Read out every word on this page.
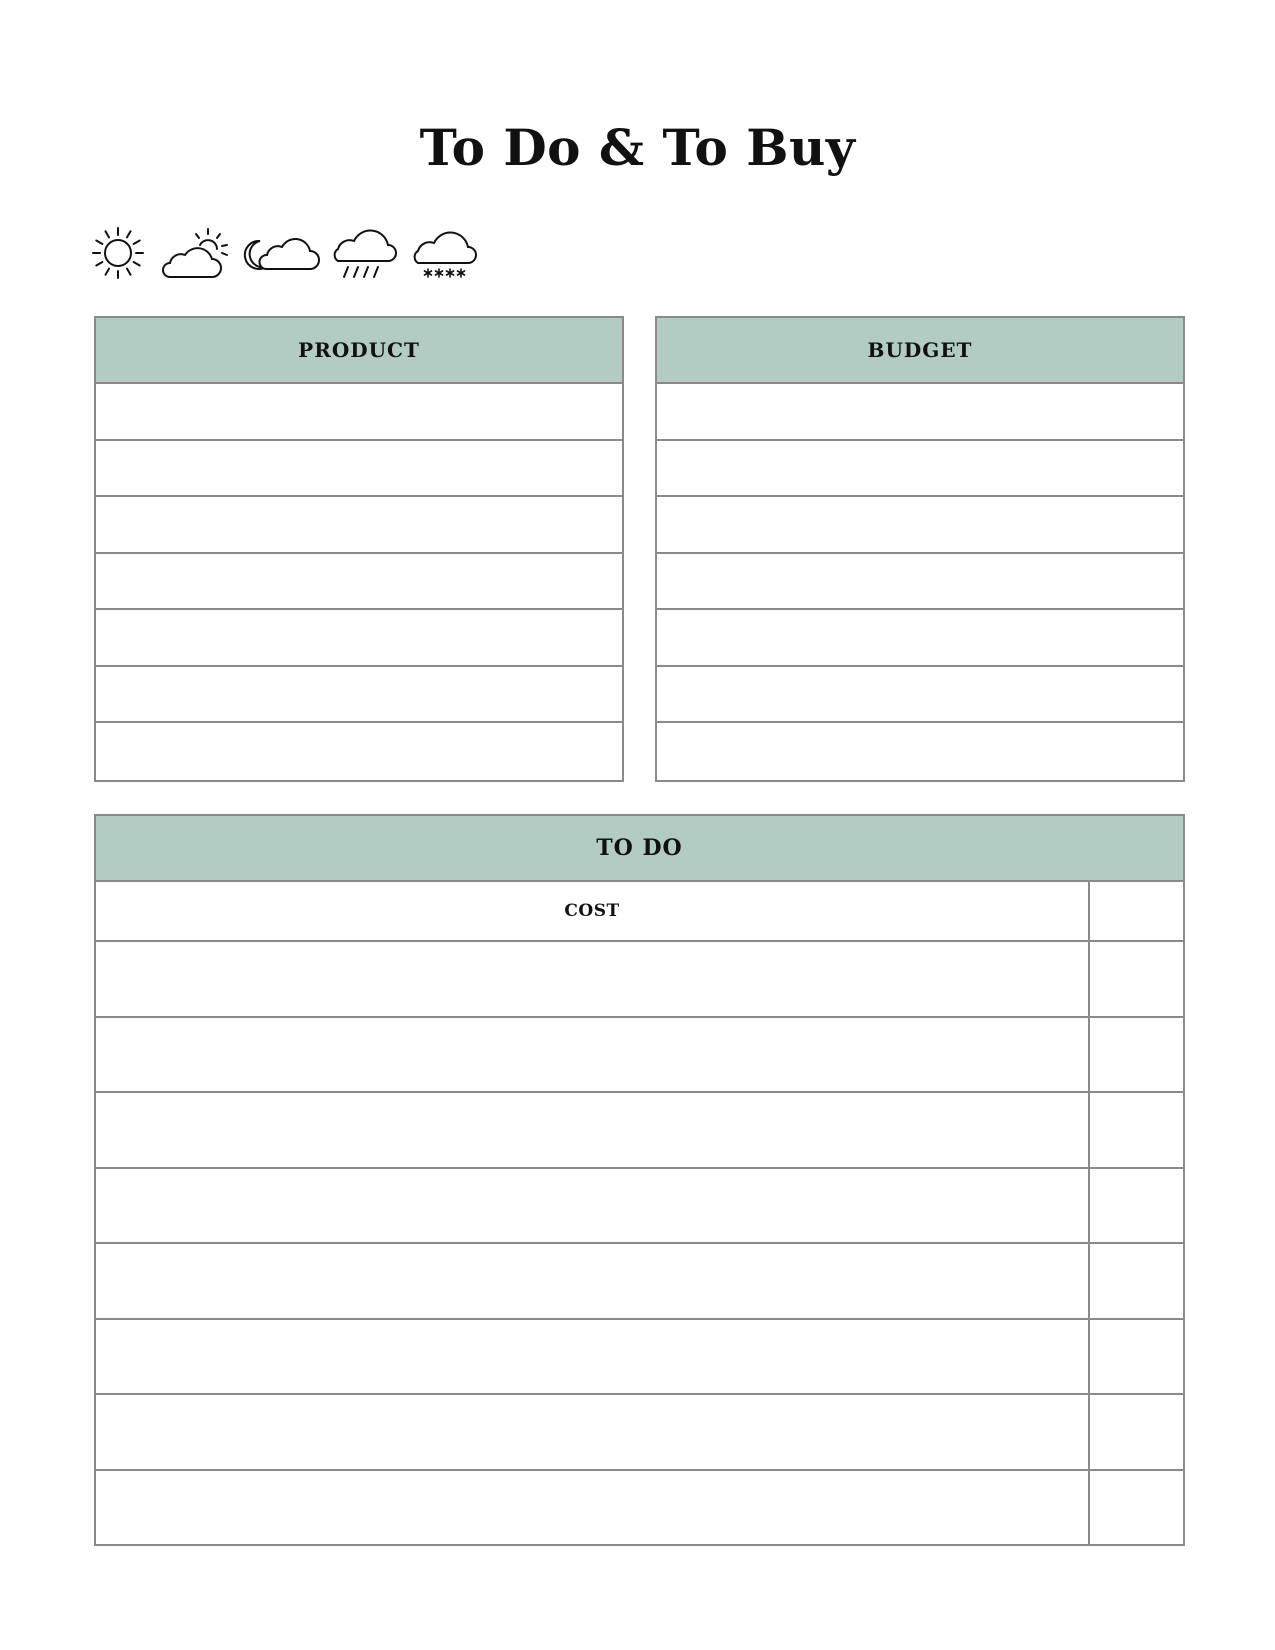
To Do & To Buy
PRODUCT	BUDGET
TO DO
COST
